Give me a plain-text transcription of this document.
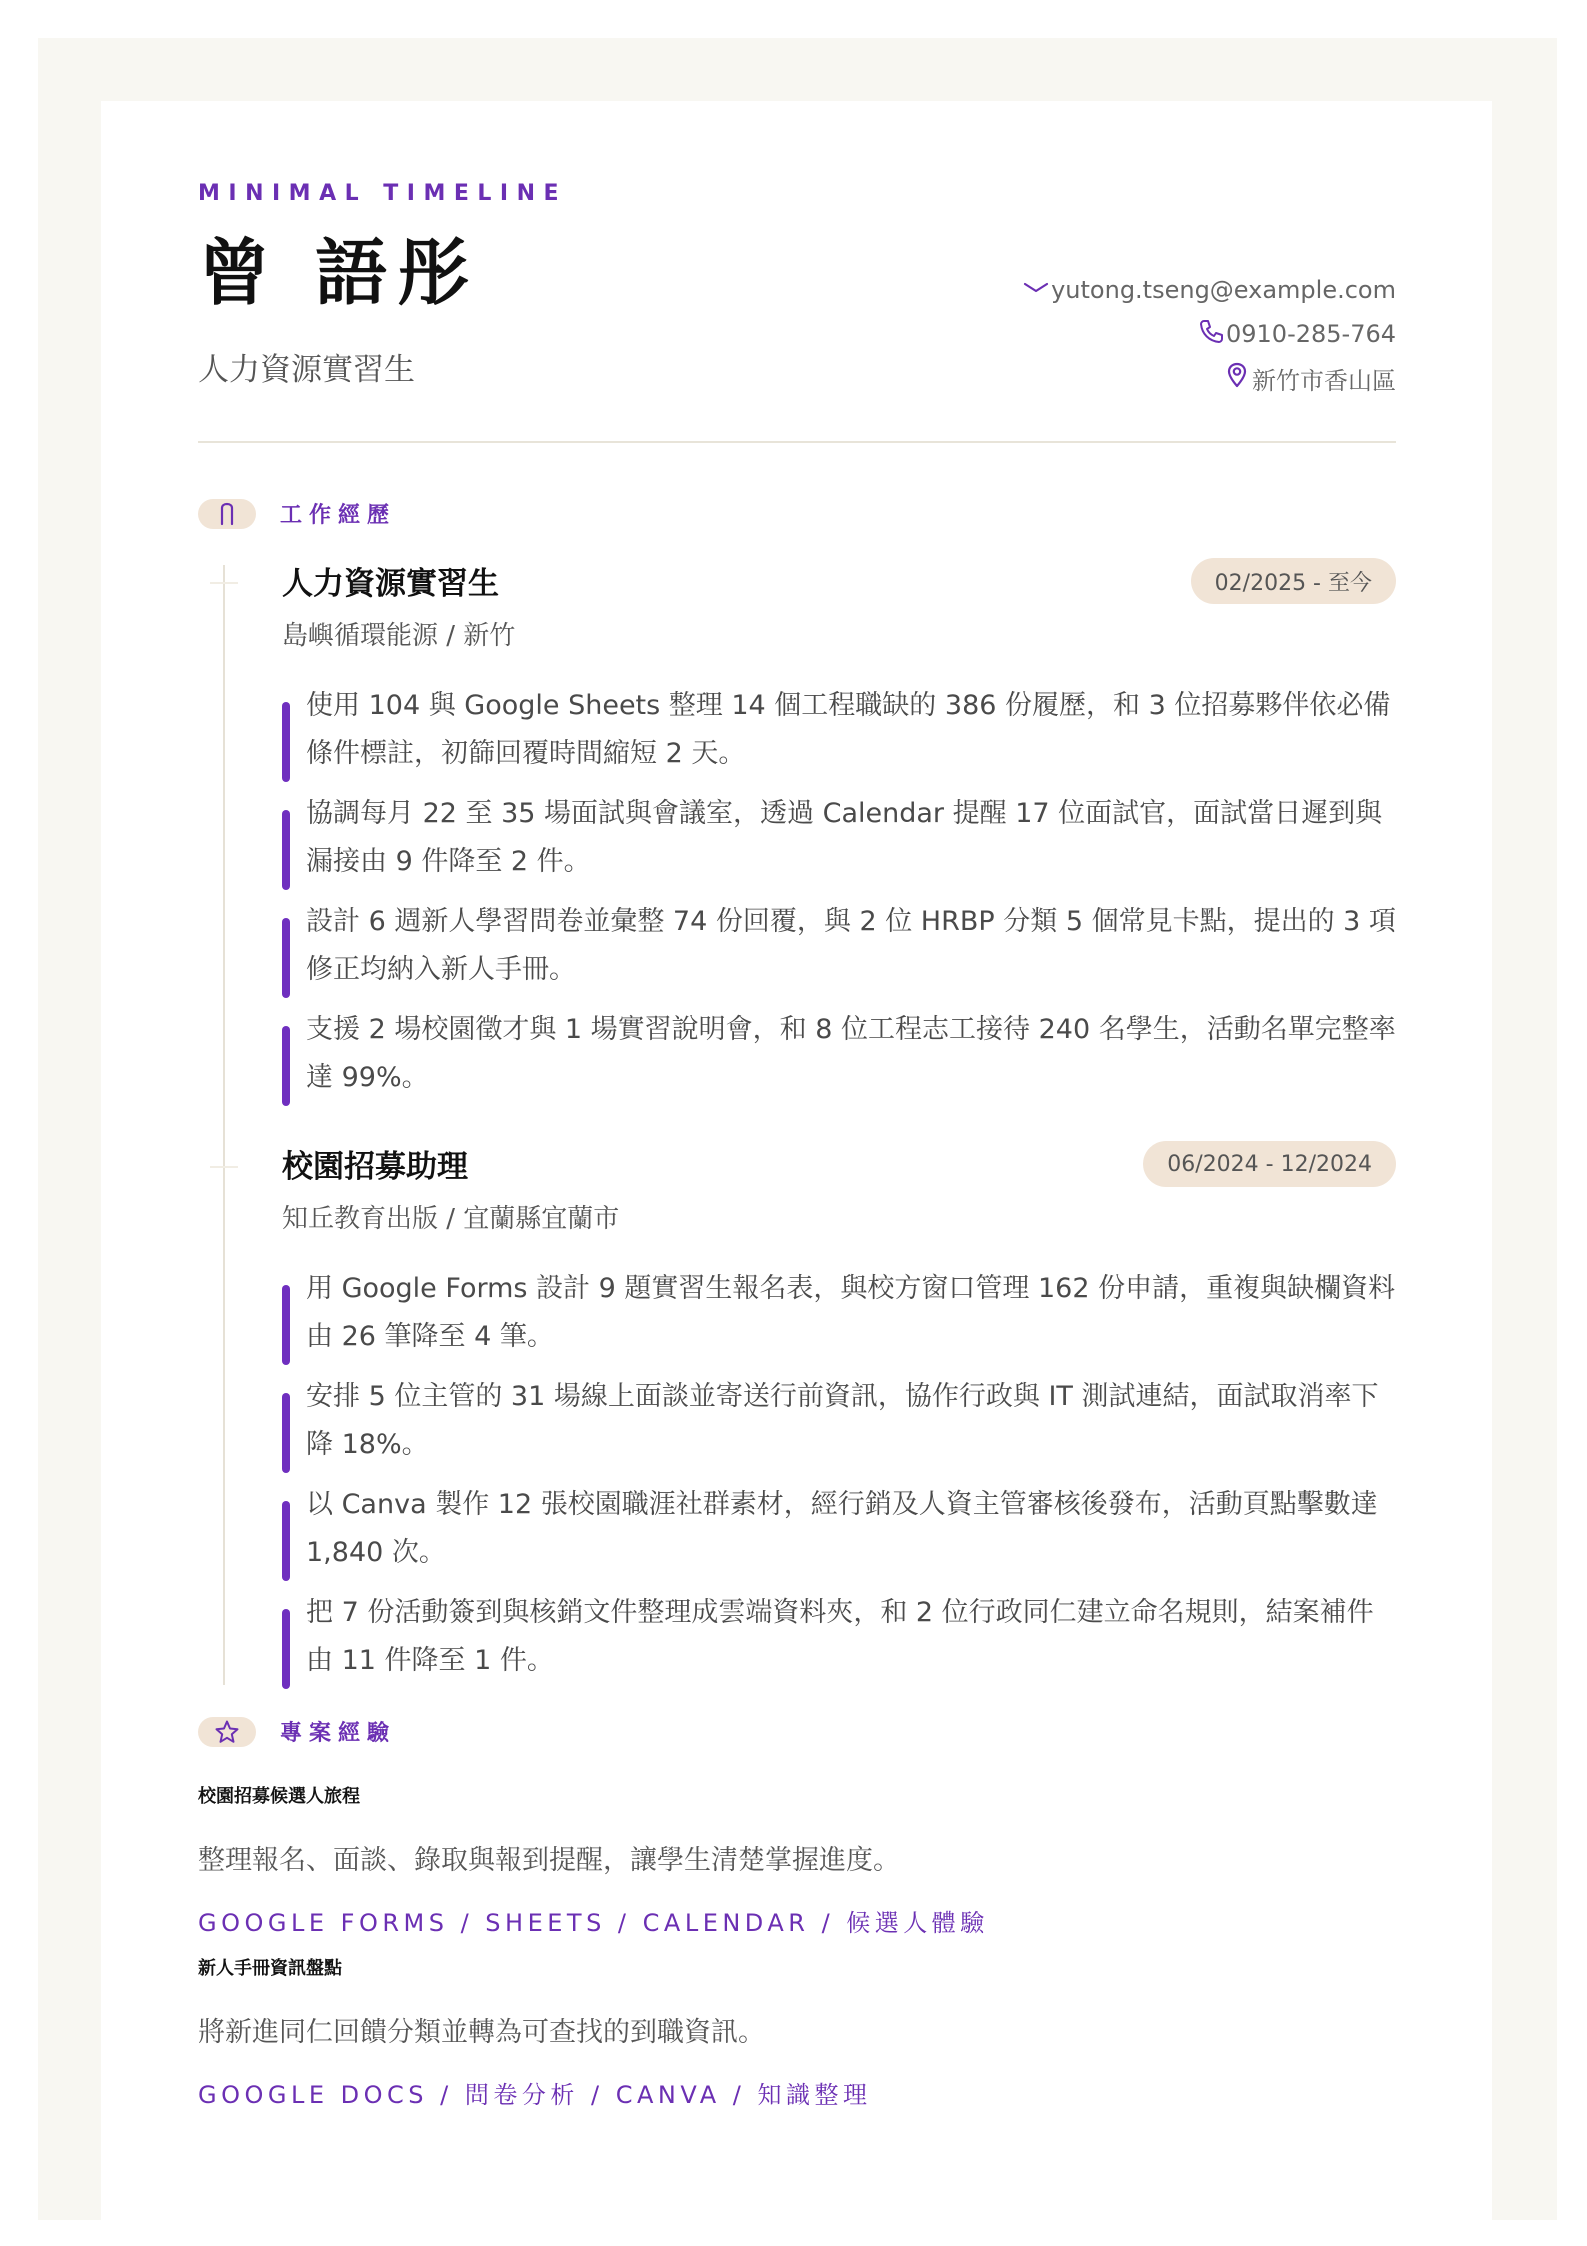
MINIMAL TIMELINE
曾 語彤
人力資源實習生
yutong.tseng@example.com
0910-285-764
新竹市香山區
工作經歷
人力資源實習生	02/2025 - 至今
島嶼循環能源 / 新竹
使用 104 與 Google Sheets 整理 14 個工程職缺的 386 份履歷，和 3 位招募夥伴依必備條件標註，初篩回覆時間縮短 2 天。
協調每月 22 至 35 場面試與會議室，透過 Calendar 提醒 17 位面試官，面試當日遲到與漏接由 9 件降至 2 件。
設計 6 週新人學習問卷並彙整 74 份回覆，與 2 位 HRBP 分類 5 個常見卡點，提出的 3 項修正均納入新人手冊。
支援 2 場校園徵才與 1 場實習說明會，和 8 位工程志工接待 240 名學生，活動名單完整率達 99%。
校園招募助理	06/2024 - 12/2024
知丘教育出版 / 宜蘭縣宜蘭市
用 Google Forms 設計 9 題實習生報名表，與校方窗口管理 162 份申請，重複與缺欄資料由 26 筆降至 4 筆。
安排 5 位主管的 31 場線上面談並寄送行前資訊，協作行政與 IT 測試連結，面試取消率下降 18%。
以 Canva 製作 12 張校園職涯社群素材，經行銷及人資主管審核後發布，活動頁點擊數達 1,840 次。
把 7 份活動簽到與核銷文件整理成雲端資料夾，和 2 位行政同仁建立命名規則，結案補件由 11 件降至 1 件。
專案經驗
校園招募候選人旅程
整理報名、面談、錄取與報到提醒，讓學生清楚掌握進度。
GOOGLE FORMS / SHEETS / CALENDAR / 候選人體驗
新人手冊資訊盤點
將新進同仁回饋分類並轉為可查找的到職資訊。
GOOGLE DOCS / 問卷分析 / CANVA / 知識整理
